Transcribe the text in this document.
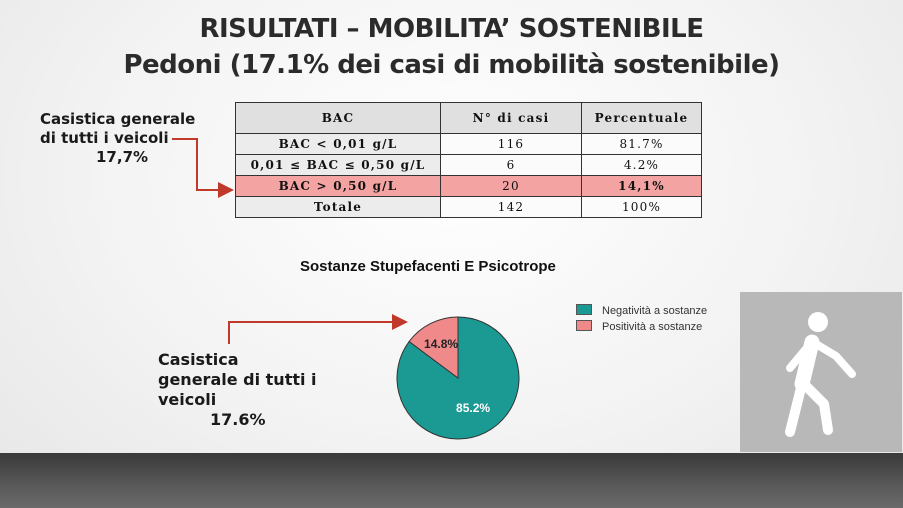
RISULTATI – MOBILITA’ SOSTENIBILE
Pedoni (17.1% dei casi di mobilità sostenibile)
Casistica generale
di tutti i veicoli
17,7%
BAC	N° di casi	Percentuale
BAC < 0,01 g/L	116	81.7%
0,01 ≤ BAC ≤ 0,50 g/L	6	4.2%
BAC > 0,50 g/L	20	14,1%
Totale	142	100%
Sostanze Stupefacenti E Psicotrope
85.2%
14.8%
Negatività a sostanze
Positività a sostanze
Casistica
generale di tutti i
veicoli
17.6%
